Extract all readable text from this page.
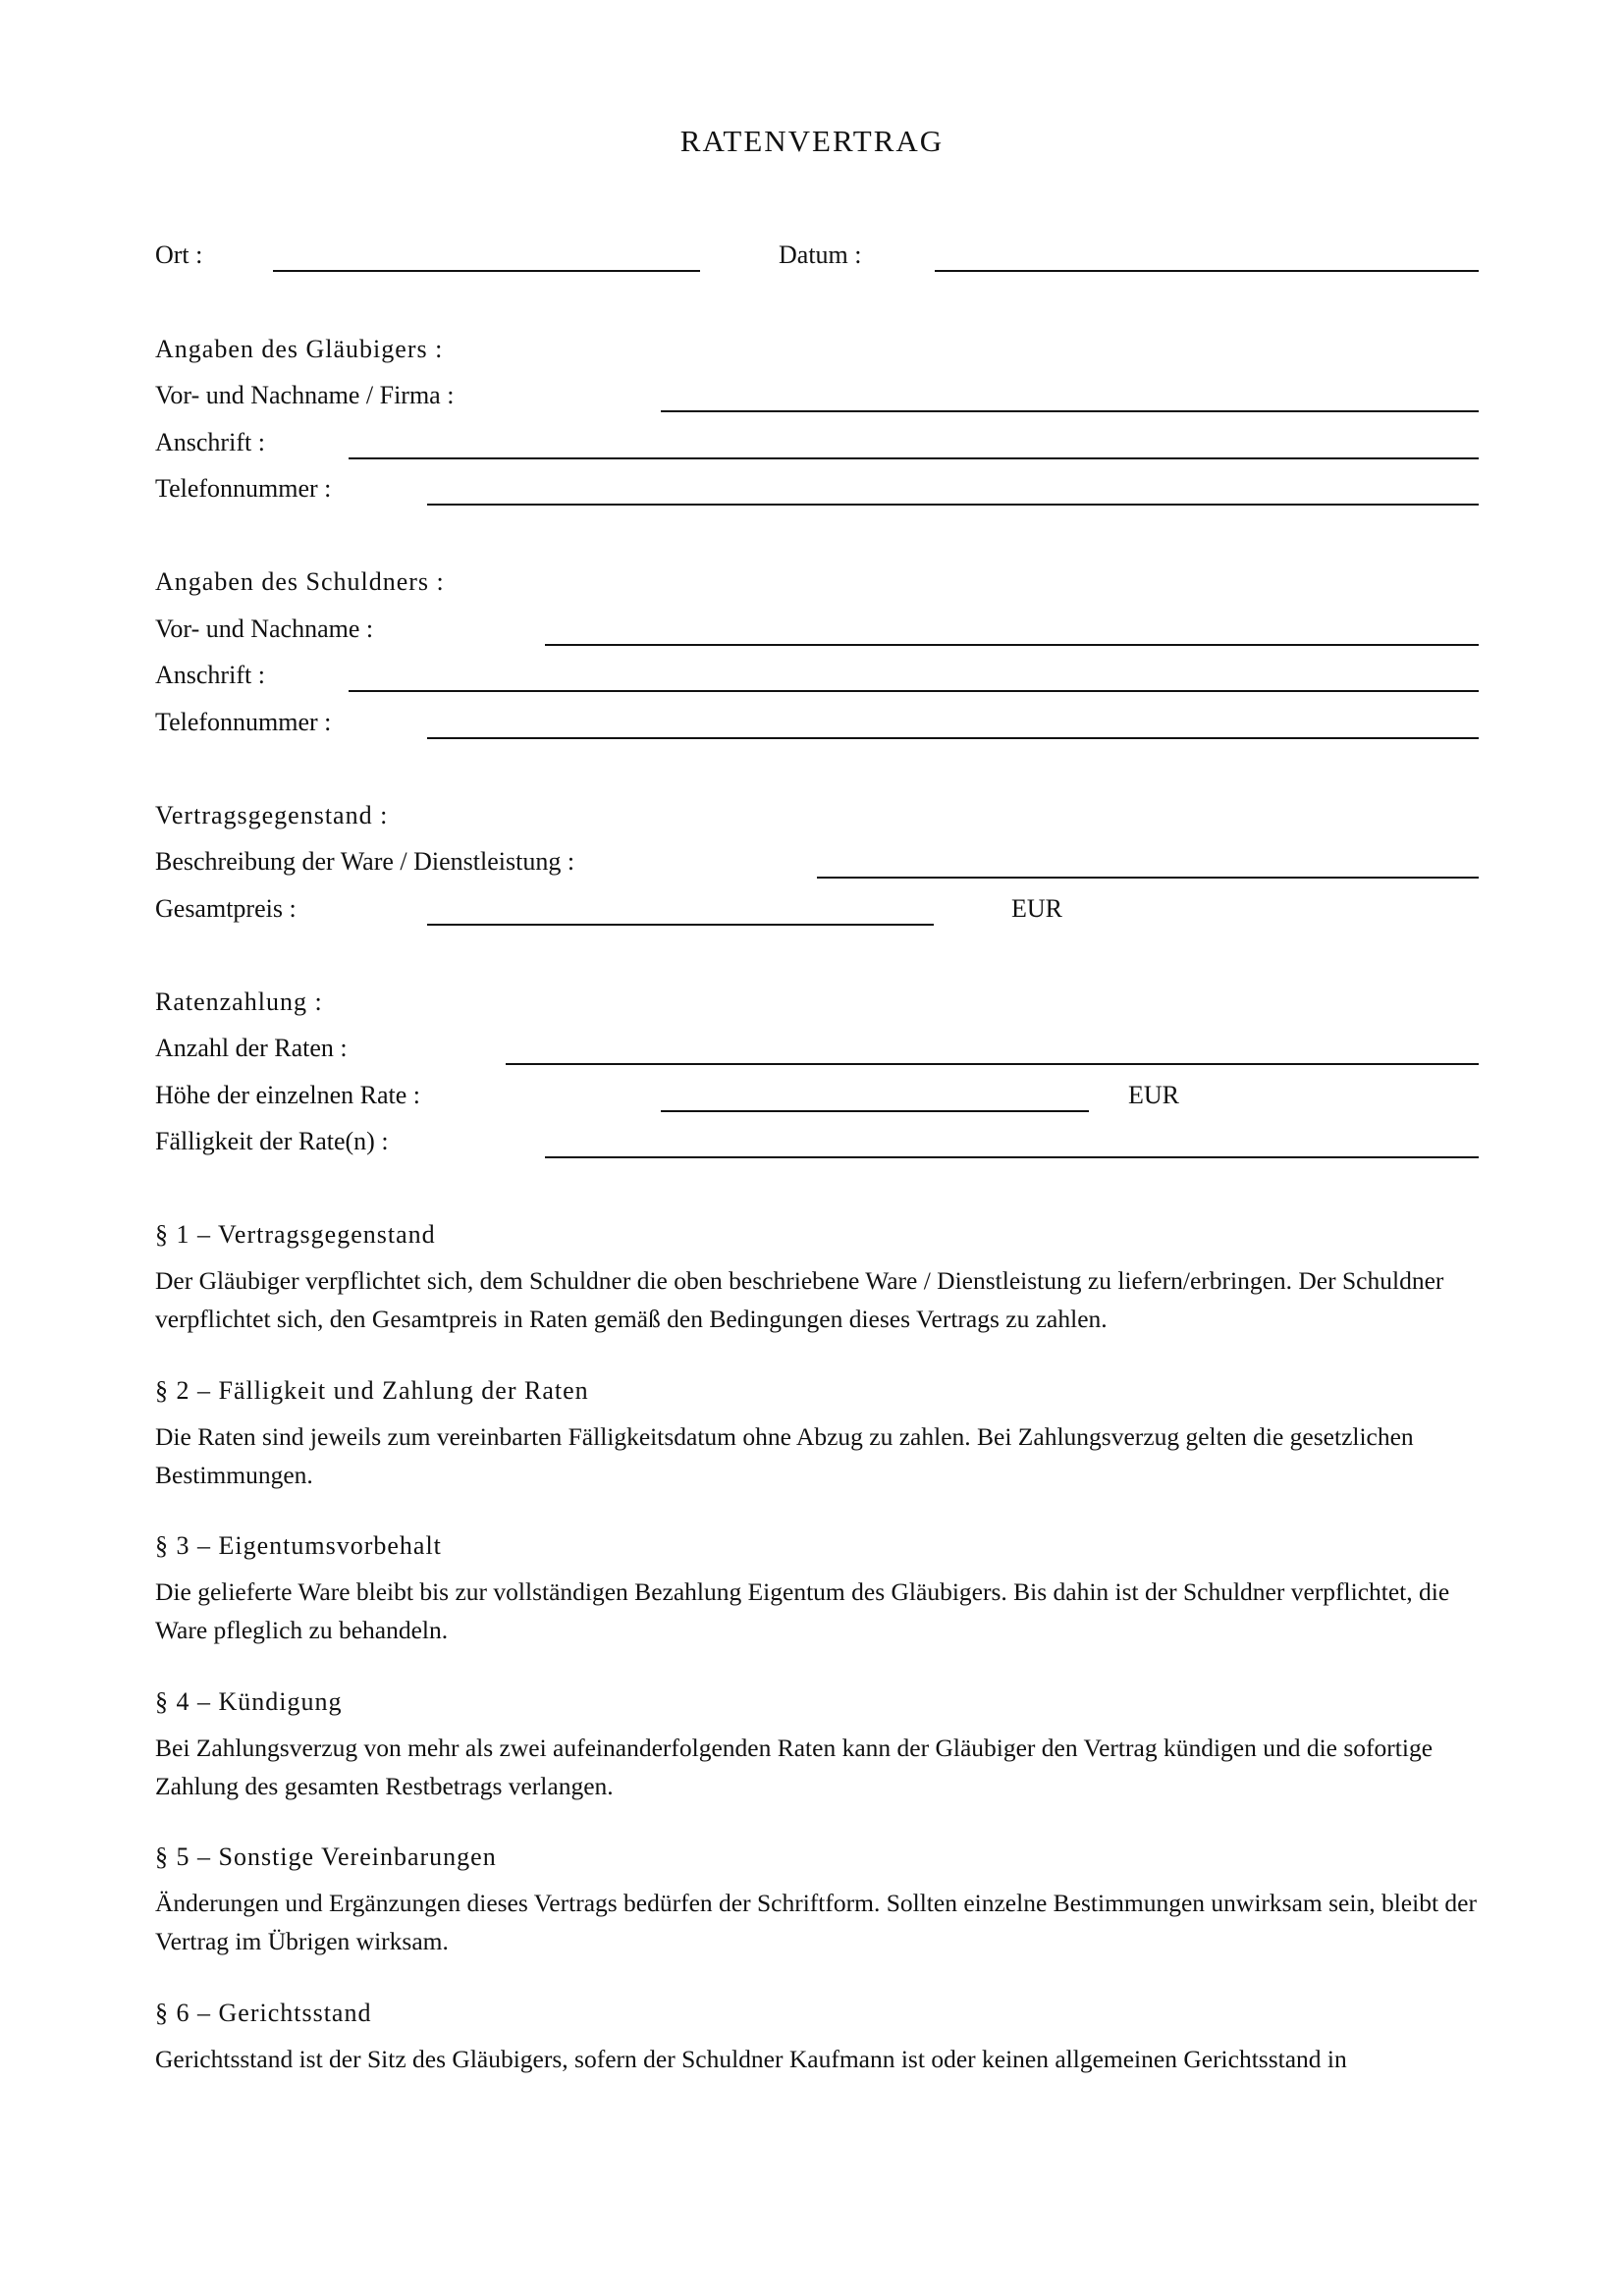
RATENVERTRAG
Ort :	Datum :
Angaben des Gläubigers :
Vor- und Nachname / Firma :
Anschrift :
Telefonnummer :
Angaben des Schuldners :
Vor- und Nachname :
Anschrift :
Telefonnummer :
Vertragsgegenstand :
Beschreibung der Ware / Dienstleistung :
Gesamtpreis :	EUR
Ratenzahlung :
Anzahl der Raten :
Höhe der einzelnen Rate :	EUR
Fälligkeit der Rate(n) :
§ 1 – Vertragsgegenstand

Der Gläubiger verpflichtet sich, dem Schuldner die oben beschriebene Ware / Dienstleistung zu liefern/erbringen. Der Schuldner verpflichtet sich, den Gesamtpreis in Raten gemäß den Bedingungen dieses Vertrags zu zahlen.

§ 2 – Fälligkeit und Zahlung der Raten

Die Raten sind jeweils zum vereinbarten Fälligkeitsdatum ohne Abzug zu zahlen. Bei Zahlungsverzug gelten die gesetzlichen Bestimmungen.

§ 3 – Eigentumsvorbehalt

Die gelieferte Ware bleibt bis zur vollständigen Bezahlung Eigentum des Gläubigers. Bis dahin ist der Schuldner verpflichtet, die Ware pfleglich zu behandeln.

§ 4 – Kündigung

Bei Zahlungsverzug von mehr als zwei aufeinanderfolgenden Raten kann der Gläubiger den Vertrag kündigen und die sofortige Zahlung des gesamten Restbetrags verlangen.

§ 5 – Sonstige Vereinbarungen

Änderungen und Ergänzungen dieses Vertrags bedürfen der Schriftform. Sollten einzelne Bestimmungen unwirksam sein, bleibt der Vertrag im Übrigen wirksam.

§ 6 – Gerichtsstand

Gerichtsstand ist der Sitz des Gläubigers, sofern der Schuldner Kaufmann ist oder keinen allgemeinen Gerichtsstand in
